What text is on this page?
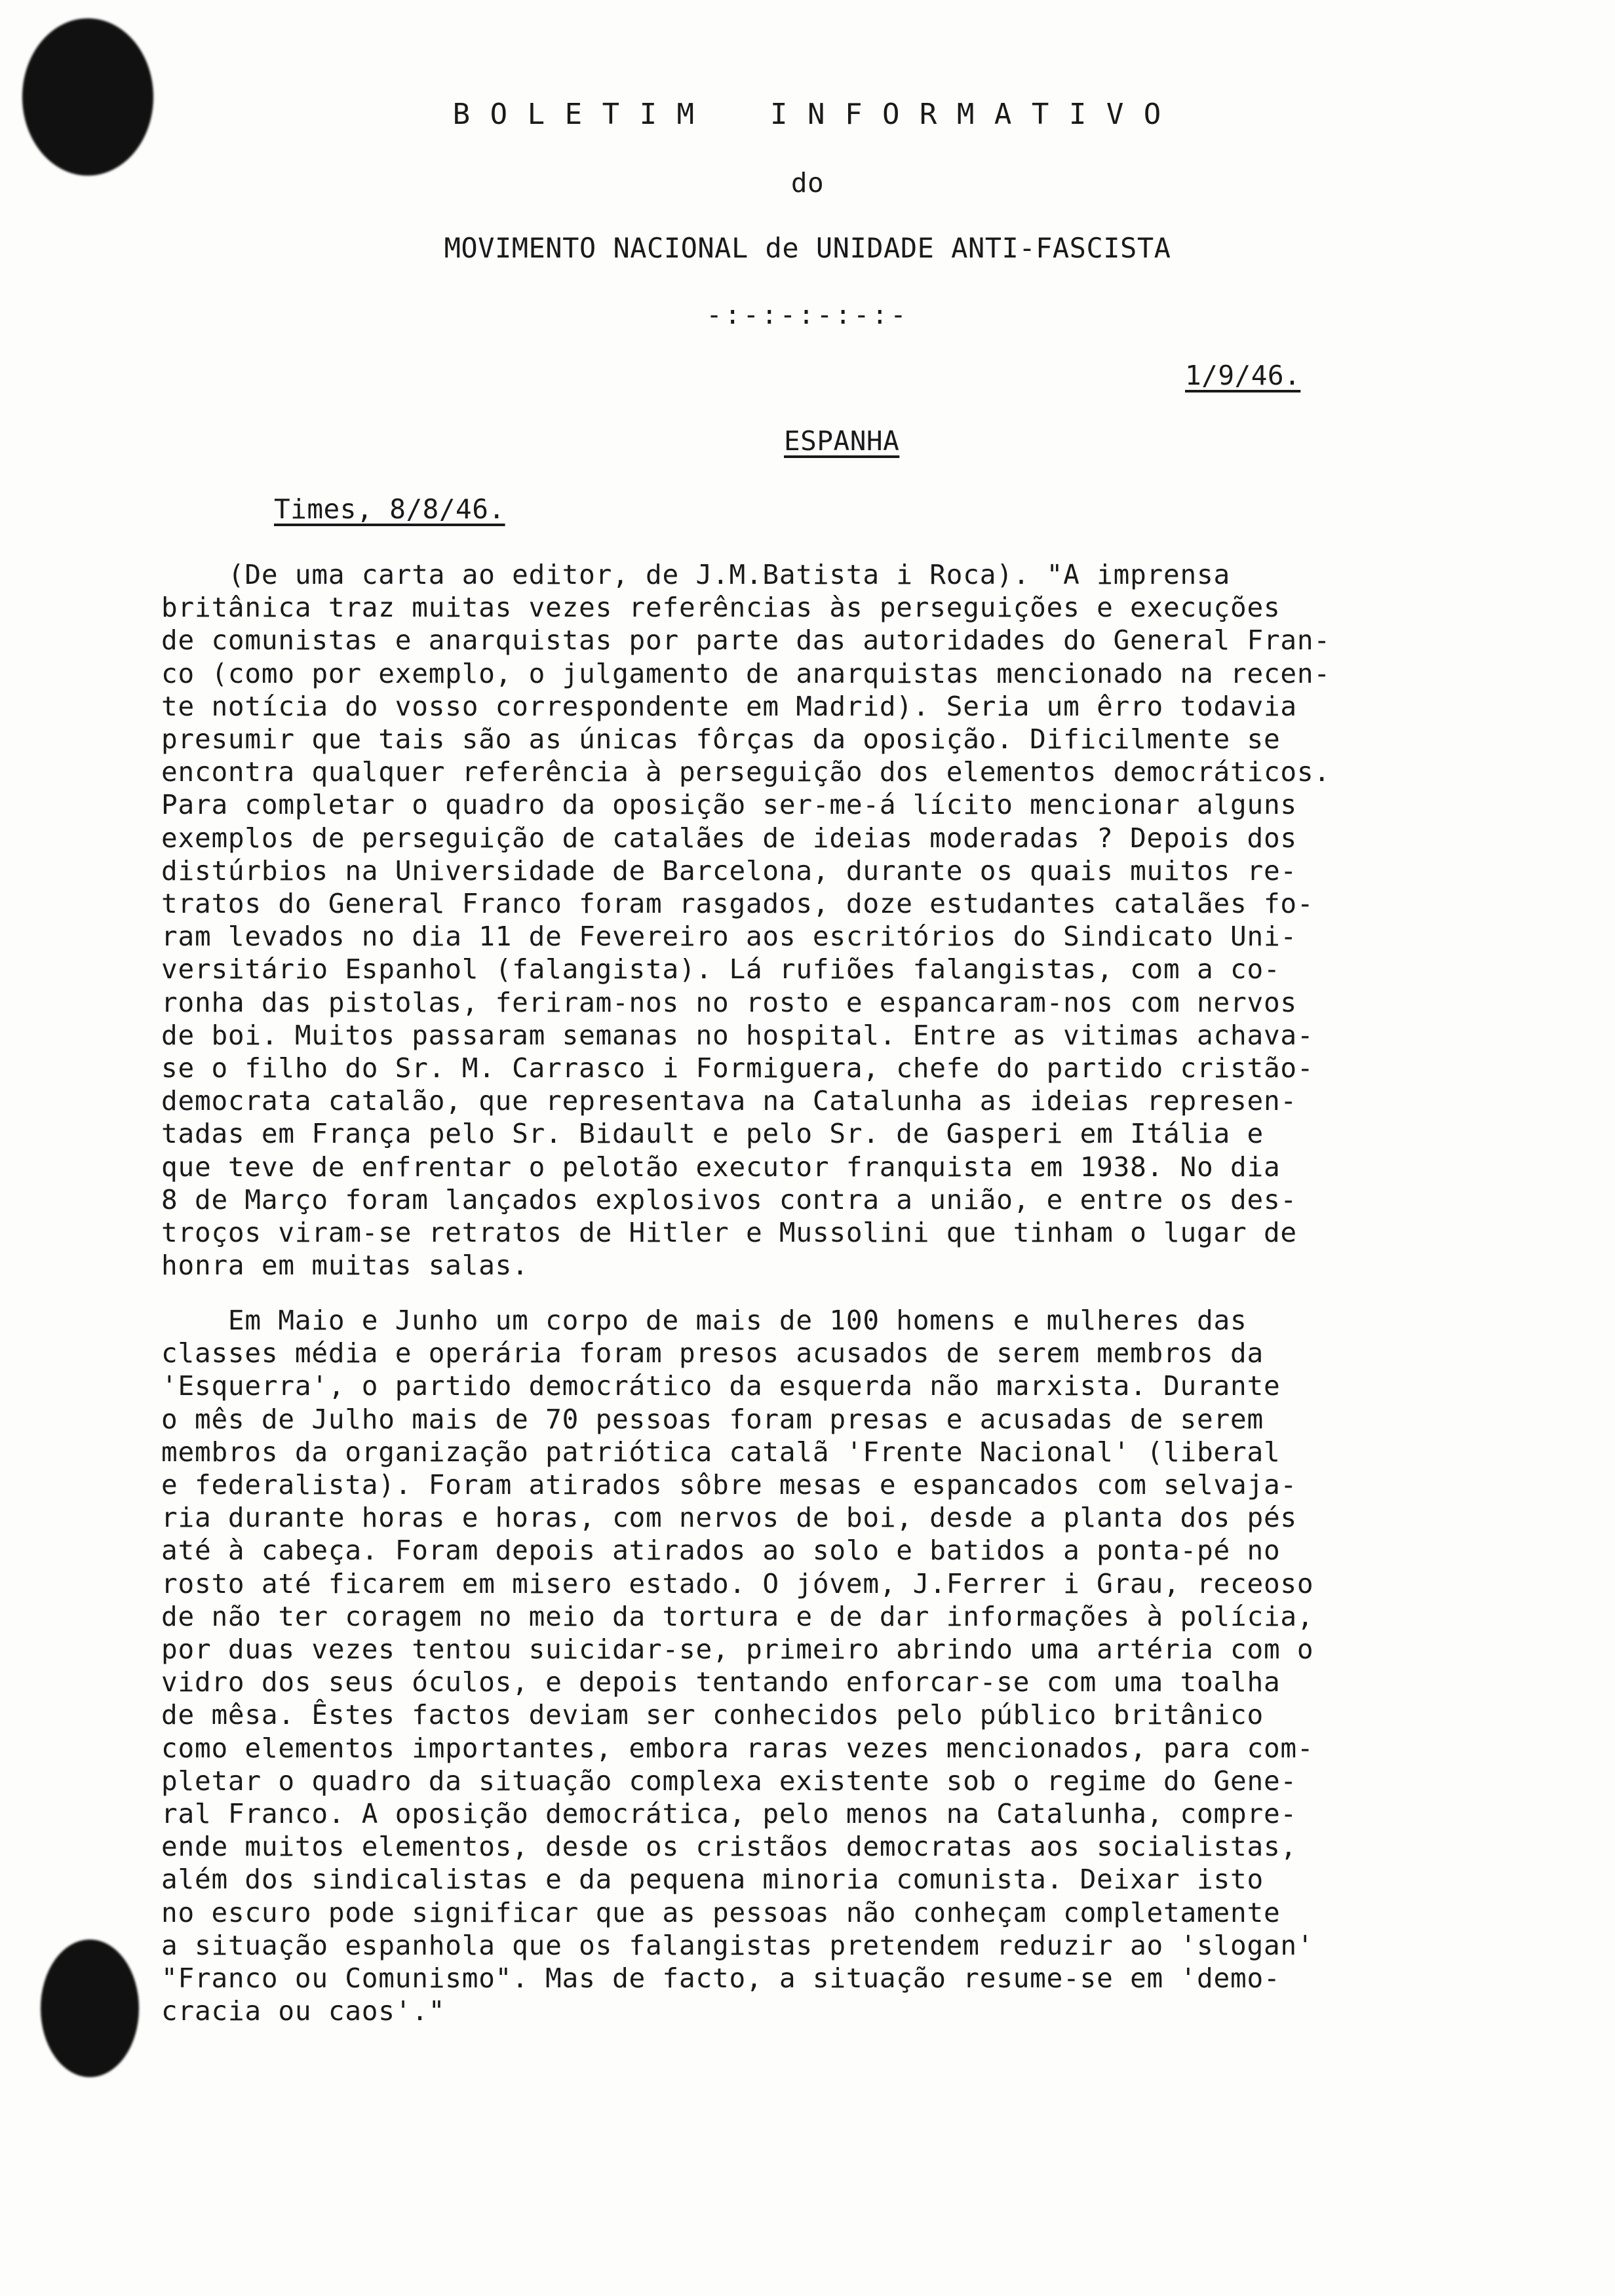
B O L E T I M    I N F O R M A T I V O
do
MOVIMENTO NACIONAL de UNIDADE ANTI-FASCISTA
-:-:-:-:-:-
1/9/46.
ESPANHA
Times, 8/8/46.
(De uma carta ao editor, de J.M.Batista i Roca). "A imprensa
britânica traz muitas vezes referências às perseguições e execuções
de comunistas e anarquistas por parte das autoridades do General Fran-
co (como por exemplo, o julgamento de anarquistas mencionado na recen-
te notícia do vosso correspondente em Madrid). Seria um êrro todavia
presumir que tais são as únicas fôrças da oposição. Dificilmente se
encontra qualquer referência à perseguição dos elementos democráticos.
Para completar o quadro da oposição ser-me-á lícito mencionar alguns
exemplos de perseguição de catalães de ideias moderadas ? Depois dos
distúrbios na Universidade de Barcelona, durante os quais muitos re-
tratos do General Franco foram rasgados, doze estudantes catalães fo-
ram levados no dia 11 de Fevereiro aos escritórios do Sindicato Uni-
versitário Espanhol (falangista). Lá rufiões falangistas, com a co-
ronha das pistolas, feriram-nos no rosto e espancaram-nos com nervos
de boi. Muitos passaram semanas no hospital. Entre as vitimas achava-
se o filho do Sr. M. Carrasco i Formiguera, chefe do partido cristão-
democrata catalão, que representava na Catalunha as ideias represen-
tadas em França pelo Sr. Bidault e pelo Sr. de Gasperi em Itália e
que teve de enfrentar o pelotão executor franquista em 1938. No dia
8 de Março foram lançados explosivos contra a união, e entre os des-
troços viram-se retratos de Hitler e Mussolini que tinham o lugar de
honra em muitas salas.
Em Maio e Junho um corpo de mais de 100 homens e mulheres das
classes média e operária foram presos acusados de serem membros da
'Esquerra', o partido democrático da esquerda não marxista. Durante
o mês de Julho mais de 70 pessoas foram presas e acusadas de serem
membros da organização patriótica catalã 'Frente Nacional' (liberal
e federalista). Foram atirados sôbre mesas e espancados com selvaja-
ria durante horas e horas, com nervos de boi, desde a planta dos pés
até à cabeça. Foram depois atirados ao solo e batidos a ponta-pé no
rosto até ficarem em misero estado. O jóvem, J.Ferrer i Grau, receoso
de não ter coragem no meio da tortura e de dar informações à polícia,
por duas vezes tentou suicidar-se, primeiro abrindo uma artéria com o
vidro dos seus óculos, e depois tentando enforcar-se com uma toalha
de mêsa. Êstes factos deviam ser conhecidos pelo público britânico
como elementos importantes, embora raras vezes mencionados, para com-
pletar o quadro da situação complexa existente sob o regime do Gene-
ral Franco. A oposição democrática, pelo menos na Catalunha, compre-
ende muitos elementos, desde os cristãos democratas aos socialistas,
além dos sindicalistas e da pequena minoria comunista. Deixar isto
no escuro pode significar que as pessoas não conheçam completamente
a situação espanhola que os falangistas pretendem reduzir ao 'slogan'
"Franco ou Comunismo". Mas de facto, a situação resume-se em 'demo-
cracia ou caos'."
